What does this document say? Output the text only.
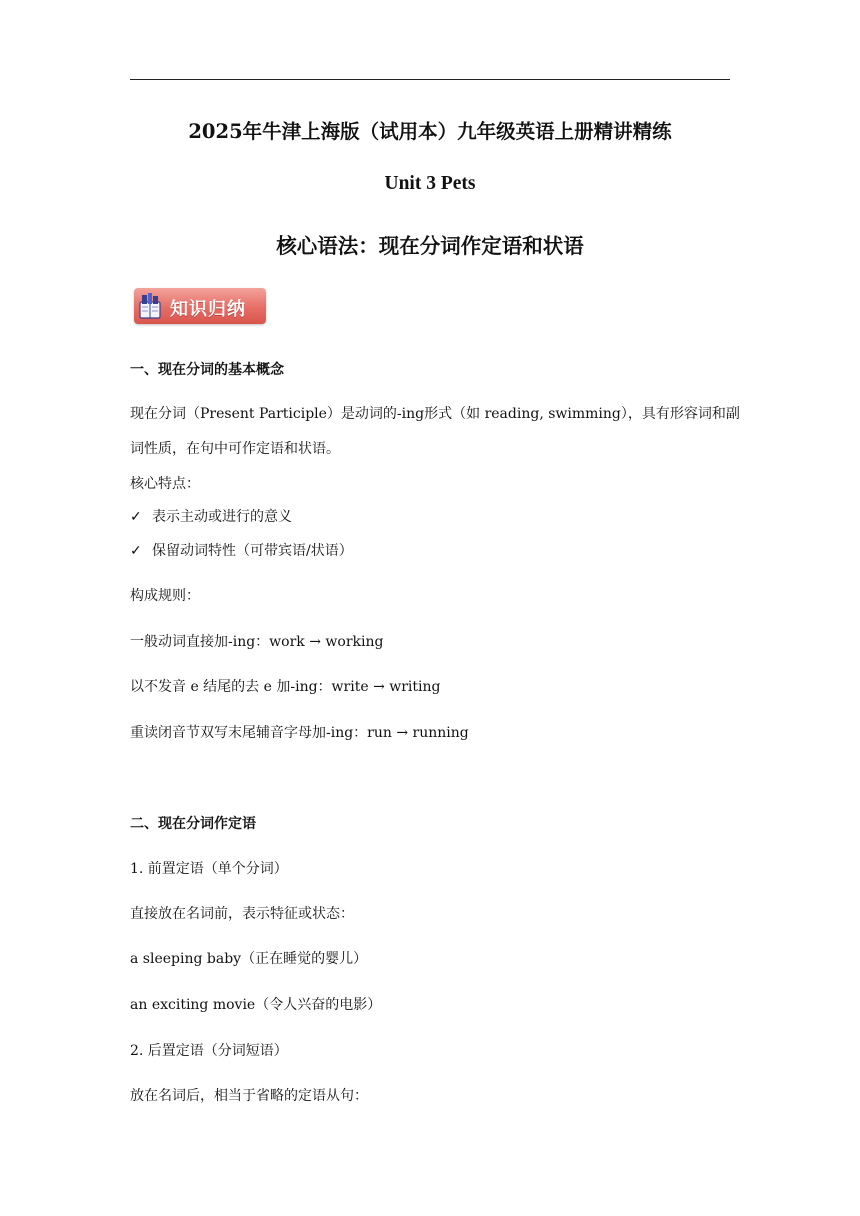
2025年牛津上海版（试用本）九年级英语上册精讲精练
Unit 3 Pets
核心语法：现在分词作定语和状语
知识归纳
一、现在分词的基本概念
现在分词（Present Participle）是动词的-ing形式（如 reading, swimming），具有形容词和副
词性质，在句中可作定语和状语。
核心特点：
✓ 表示主动或进行的意义
✓ 保留动词特性（可带宾语/状语）
构成规则：
一般动词直接加-ing：work → working
以不发音 e 结尾的去 e 加-ing：write → writing
重读闭音节双写末尾辅音字母加-ing：run → running
二、现在分词作定语
1. 前置定语（单个分词）
直接放在名词前，表示特征或状态：
a sleeping baby（正在睡觉的婴儿）
an exciting movie（令人兴奋的电影）
2. 后置定语（分词短语）
放在名词后，相当于省略的定语从句：
